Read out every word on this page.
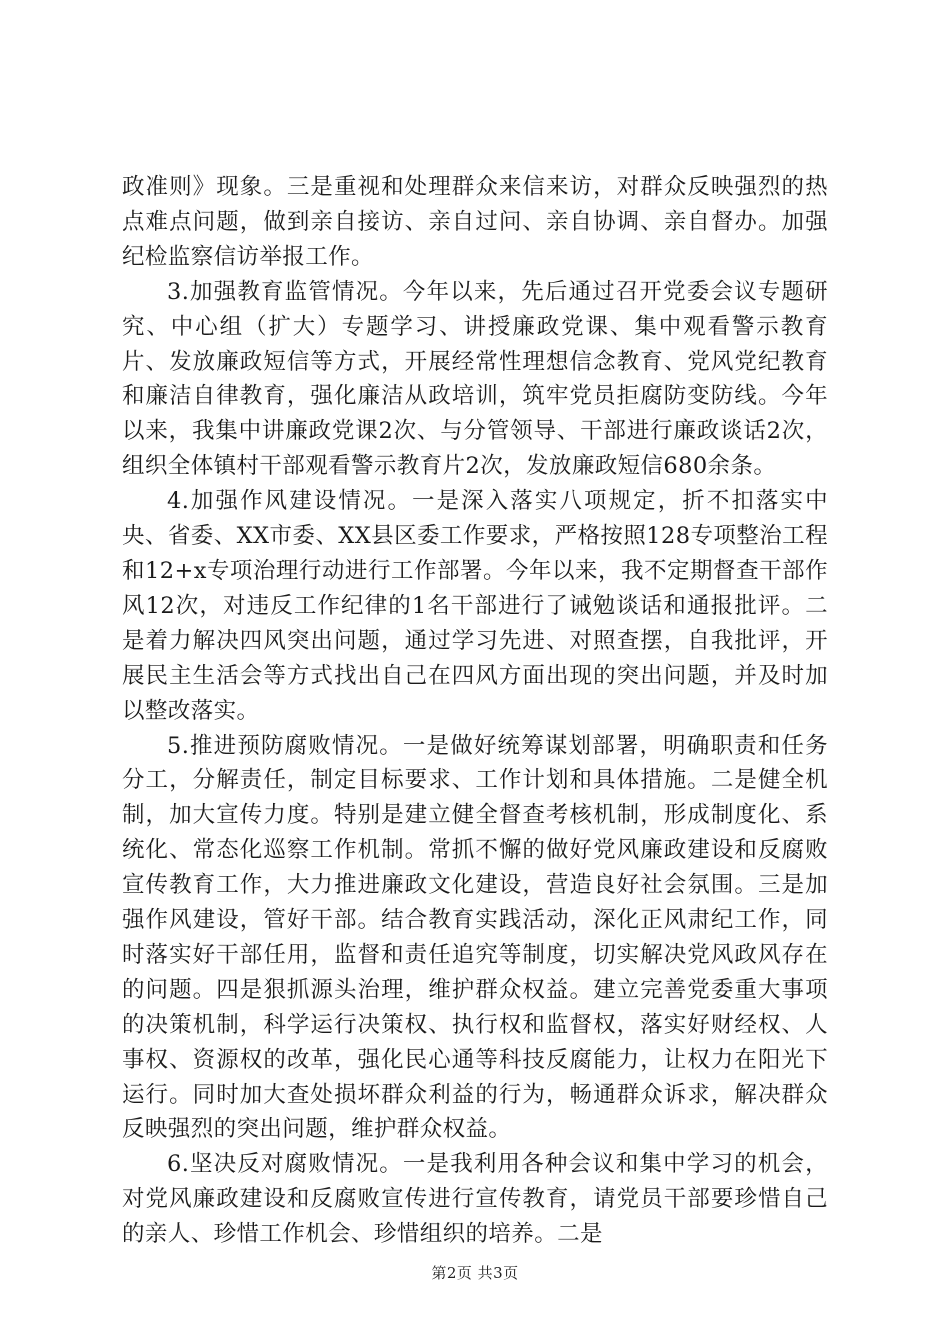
政准则》现象。三是重视和处理群众来信来访，对群众反映强烈的热点难点问题，做到亲自接访、亲自过问、亲自协调、亲自督办。加强纪检监察信访举报工作。

3.加强教育监管情况。今年以来，先后通过召开党委会议专题研究、中心组（扩大）专题学习、讲授廉政党课、集中观看警示教育片、发放廉政短信等方式，开展经常性理想信念教育、党风党纪教育和廉洁自律教育，强化廉洁从政培训，筑牢党员拒腐防变防线。今年以来，我集中讲廉政党课2次、与分管领导、干部进行廉政谈话2次，组织全体镇村干部观看警示教育片2次，发放廉政短信680余条。

4.加强作风建设情况。一是深入落实八项规定，折不扣落实中央、省委、XX市委、XX县区委工作要求，严格按照128专项整治工程和12+x专项治理行动进行工作部署。今年以来，我不定期督查干部作风12次，对违反工作纪律的1名干部进行了诫勉谈话和通报批评。二是着力解决四风突出问题，通过学习先进、对照查摆，自我批评，开展民主生活会等方式找出自己在四风方面出现的突出问题，并及时加以整改落实。

5.推进预防腐败情况。一是做好统筹谋划部署，明确职责和任务分工，分解责任，制定目标要求、工作计划和具体措施。二是健全机制，加大宣传力度。特别是建立健全督查考核机制，形成制度化、系统化、常态化巡察工作机制。常抓不懈的做好党风廉政建设和反腐败宣传教育工作，大力推进廉政文化建设，营造良好社会氛围。三是加强作风建设，管好干部。结合教育实践活动，深化正风肃纪工作，同时落实好干部任用，监督和责任追究等制度，切实解决党风政风存在的问题。四是狠抓源头治理，维护群众权益。建立完善党委重大事项的决策机制，科学运行决策权、执行权和监督权，落实好财经权、人事权、资源权的改革，强化民心通等科技反腐能力，让权力在阳光下运行。同时加大查处损坏群众利益的行为，畅通群众诉求，解决群众反映强烈的突出问题，维护群众权益。

6.坚决反对腐败情况。一是我利用各种会议和集中学习的机会，对党风廉政建设和反腐败宣传进行宣传教育，请党员干部要珍惜自己的亲人、珍惜工作机会、珍惜组织的培养。二是

第2页 共3页
